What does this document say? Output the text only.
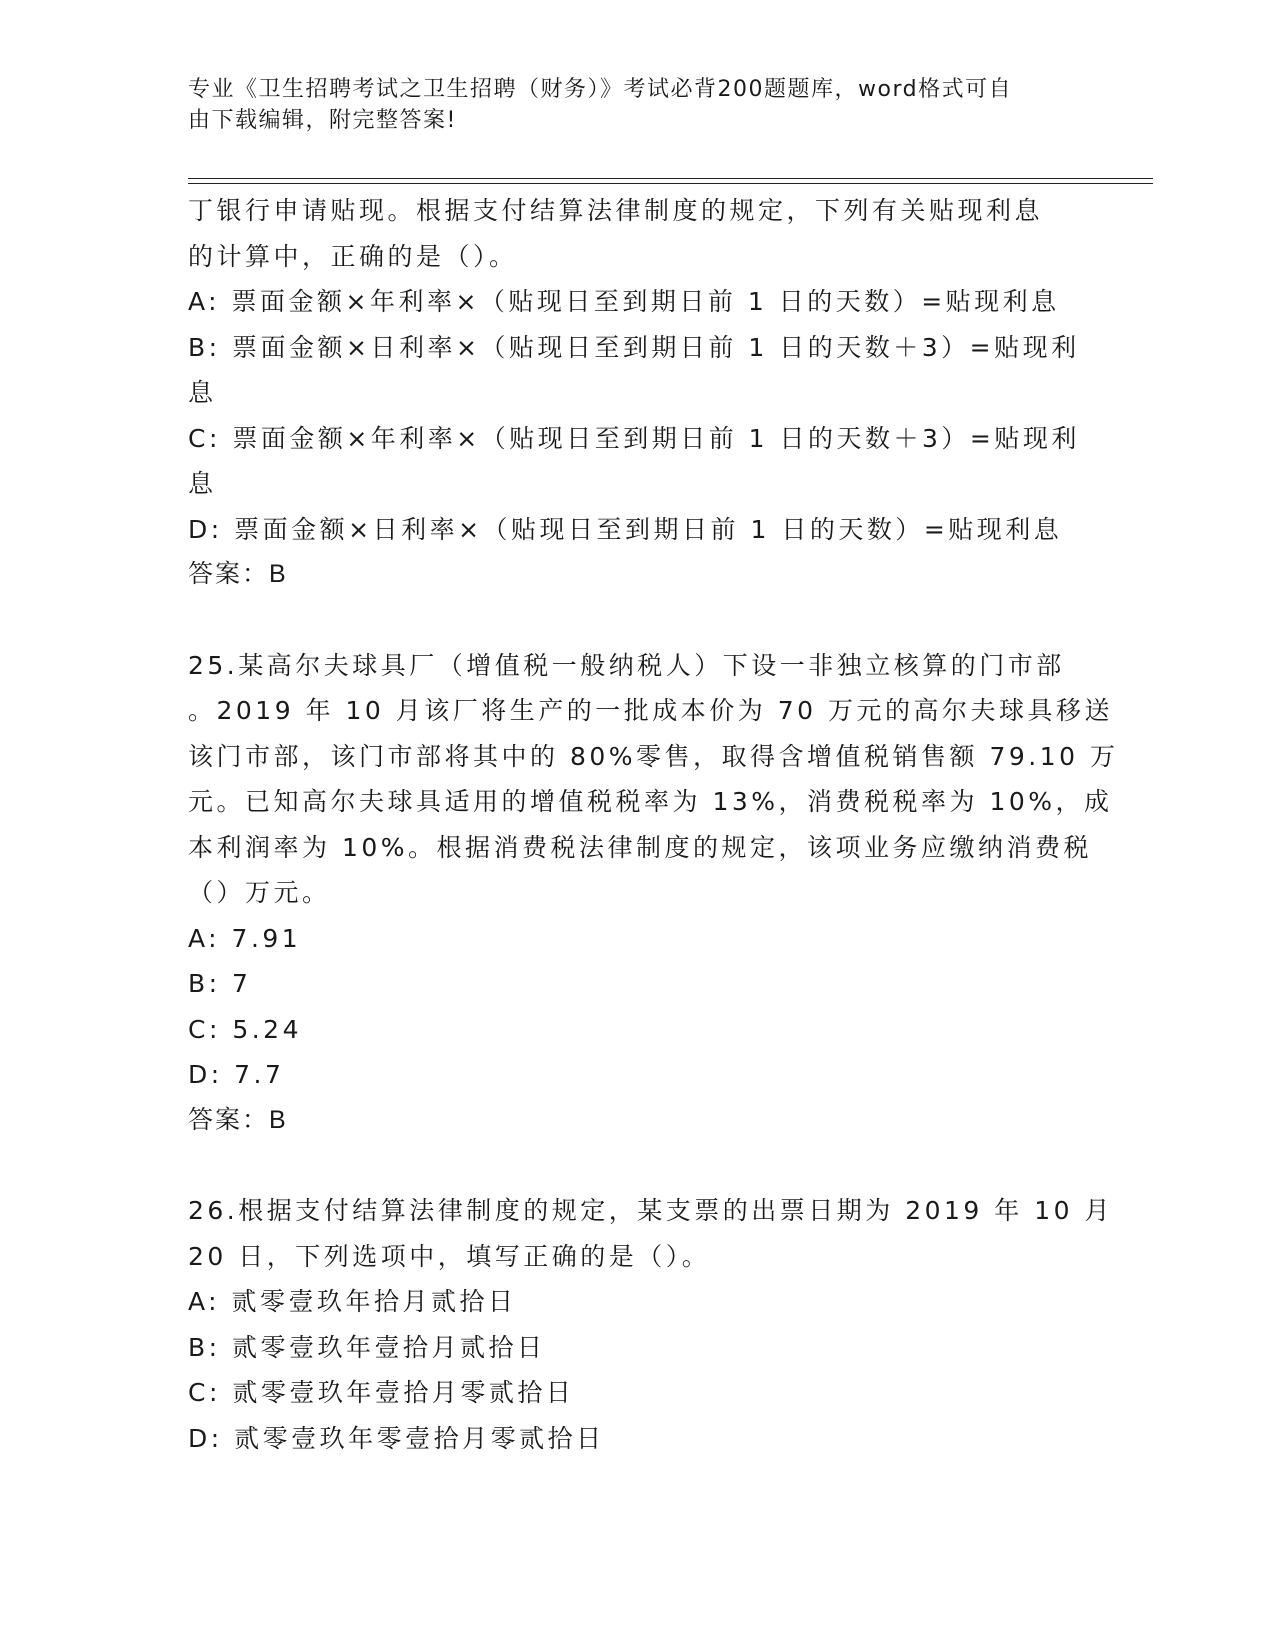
专业《卫生招聘考试之卫生招聘（财务）》考试必背200题题库，word格式可自
由下载编辑，附完整答案!
丁银行申请贴现。根据支付结算法律制度的规定，下列有关贴现利息
的计算中，正确的是（）。
A: 票面金额×年利率×（贴现日至到期日前 1 日的天数）=贴现利息
B: 票面金额×日利率×（贴现日至到期日前 1 日的天数＋3）=贴现利
息
C: 票面金额×年利率×（贴现日至到期日前 1 日的天数＋3）=贴现利
息
D: 票面金额×日利率×（贴现日至到期日前 1 日的天数）=贴现利息
答案：B
25.某高尔夫球具厂（增值税一般纳税人）下设一非独立核算的门市部
。2019 年 10 月该厂将生产的一批成本价为 70 万元的高尔夫球具移送
该门市部，该门市部将其中的 80%零售，取得含增值税销售额 79.10 万
元。已知高尔夫球具适用的增值税税率为 13%，消费税税率为 10%，成
本利润率为 10%。根据消费税法律制度的规定，该项业务应缴纳消费税
（）万元。
A: 7.91
B: 7
C: 5.24
D: 7.7
答案：B
26.根据支付结算法律制度的规定，某支票的出票日期为 2019 年 10 月
20 日，下列选项中，填写正确的是（）。
A: 贰零壹玖年拾月贰拾日
B: 贰零壹玖年壹拾月贰拾日
C: 贰零壹玖年壹拾月零贰拾日
D: 贰零壹玖年零壹拾月零贰拾日
